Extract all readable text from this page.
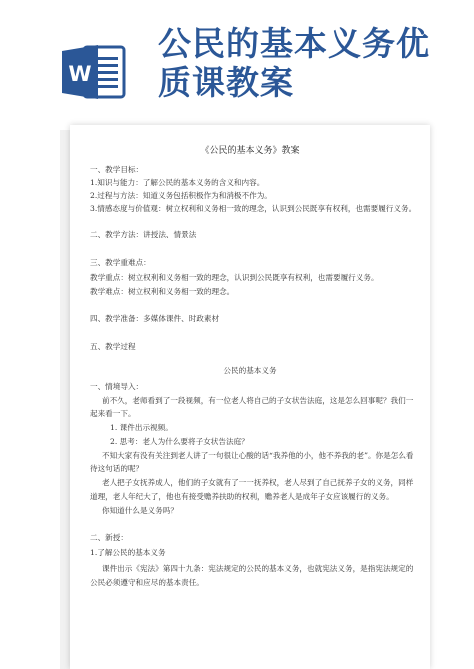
W
公民的基本义务优
质课教案
《公民的基本义务》教案
一、教学目标：
1.知识与能力：了解公民的基本义务的含义和内容。
2.过程与方法：知道义务包括积极作为和消极不作为。
3.情感态度与价值观：树立权利和义务相一致的理念，认识到公民既享有权利，也需要履行义务。
二、教学方法：讲授法、情景法
三、教学重难点：
教学重点：树立权利和义务相一致的理念，认识到公民既享有权利，也需要履行义务。
教学难点：树立权利和义务相一致的理念。
四、教学准备：多媒体课件、时政素材
五、教学过程
公民的基本义务
一、情境导入：
前不久，老师看到了一段视频，有一位老人将自己的子女状告法庭，这是怎么回事呢？我们一
起来看一下。
1. 课件出示视频。
2. 思考：老人为什么要将子女状告法庭？
不知大家有没有关注到老人讲了一句很让心酸的话“我养他的小，他不养我的老”。你是怎么看
待这句话的呢？
老人把子女抚养成人，他们的子女就有了一一抚养权，老人尽到了自己抚养子女的义务，同样
道理，老人年纪大了，他也有接受赡养扶助的权利，赡养老人是成年子女应该履行的义务。
你知道什么是义务吗？
二、新授：
1.了解公民的基本义务
课件出示《宪法》第四十九条：宪法规定的公民的基本义务，也就宪法义务，是指宪法规定的
公民必须遵守和应尽的基本责任。
